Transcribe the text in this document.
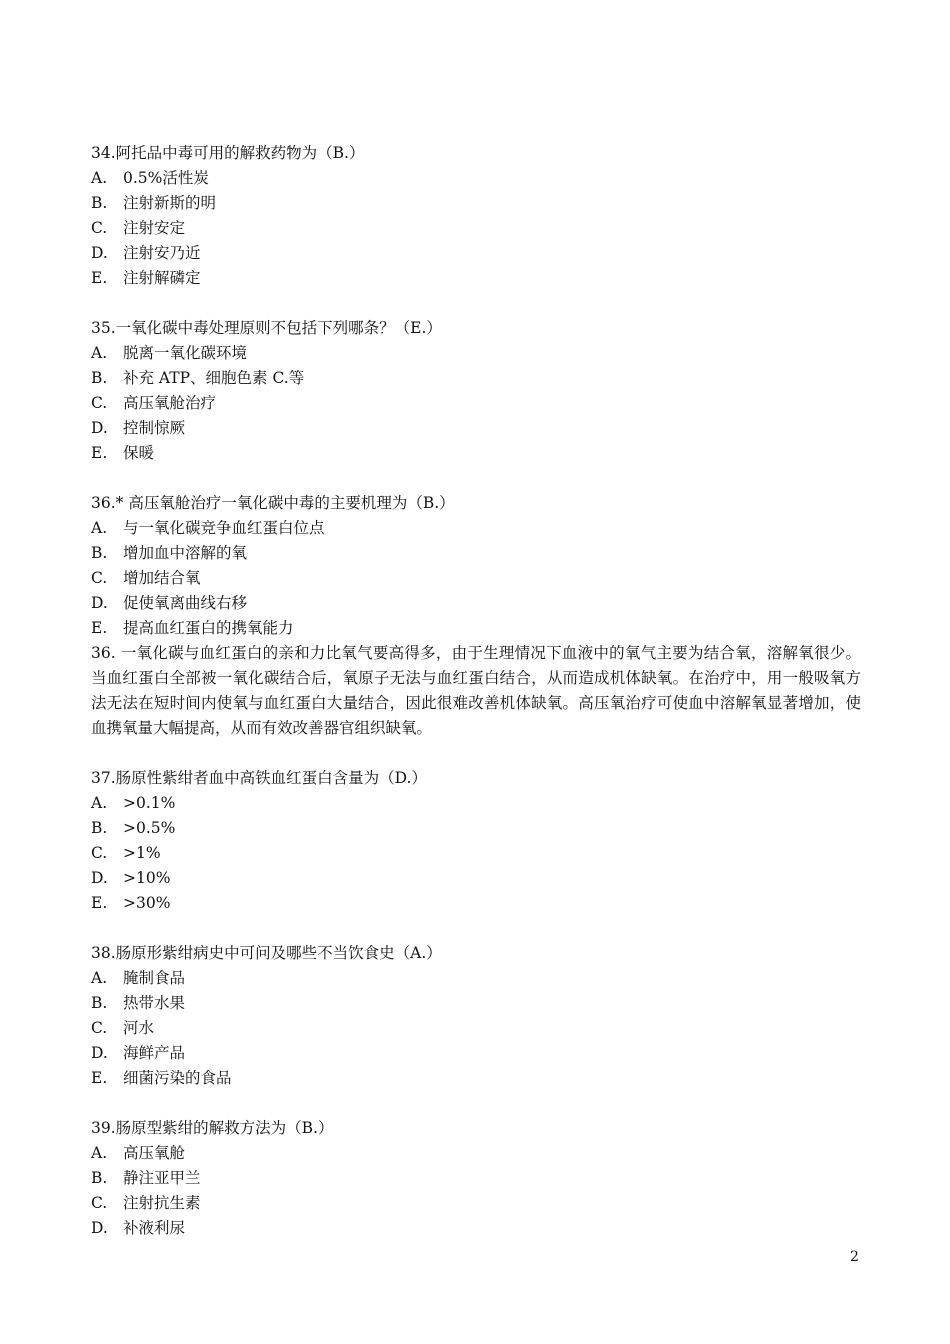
34.阿托品中毒可用的解救药物为（B.）
A. 0.5%活性炭
B. 注射新斯的明
C. 注射安定
D. 注射安乃近
E. 注射解磷定
35.一氧化碳中毒处理原则不包括下列哪条？（E.）
A. 脱离一氧化碳环境
B. 补充 ATP、细胞色素 C.等
C. 高压氧舱治疗
D. 控制惊厥
E. 保暖
36.* 高压氧舱治疗一氧化碳中毒的主要机理为（B.）
A. 与一氧化碳竞争血红蛋白位点
B. 增加血中溶解的氧
C. 增加结合氧
D. 促使氧离曲线右移
E. 提高血红蛋白的携氧能力
36. 一氧化碳与血红蛋白的亲和力比氧气要高得多，由于生理情况下血液中的氧气主要为结合氧，溶解氧很少。当血红蛋白全部被一氧化碳结合后，氧原子无法与血红蛋白结合，从而造成机体缺氧。在治疗中，用一般吸氧方法无法在短时间内使氧与血红蛋白大量结合，因此很难改善机体缺氧。高压氧治疗可使血中溶解氧显著增加，使血携氧量大幅提高，从而有效改善器官组织缺氧。
37.肠原性紫绀者血中高铁血红蛋白含量为（D.）
A. >0.1%
B. >0.5%
C. >1%
D. >10%
E. >30%
38.肠原形紫绀病史中可问及哪些不当饮食史（A.）
A. 腌制食品
B. 热带水果
C. 河水
D. 海鲜产品
E. 细菌污染的食品
39.肠原型紫绀的解救方法为（B.）
A. 高压氧舱
B. 静注亚甲兰
C. 注射抗生素
D. 补液利尿
2
